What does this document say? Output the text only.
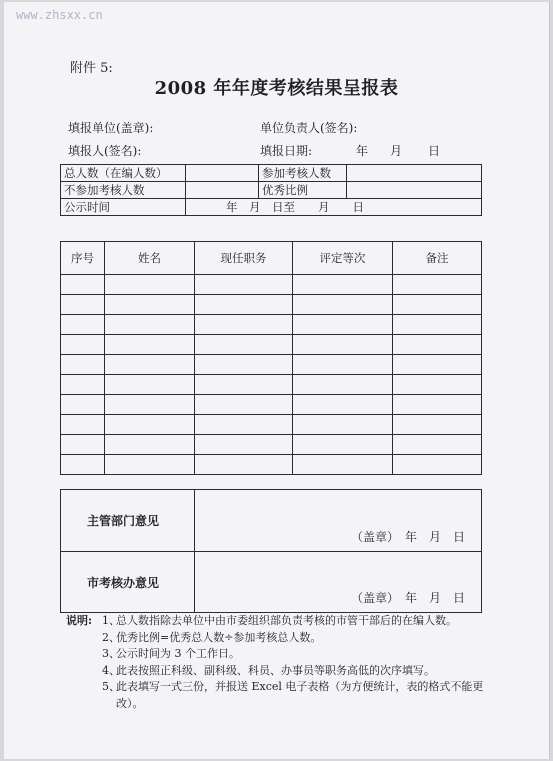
www.zhsxx.cn
附件 5:
2008 年年度考核结果呈报表
填报单位(盖章):	单位负责人(签名):
填报人(签名):	填报日期:	年 月 日
总人数（在编人数）		参加考核人数	
不参加考核人数		优秀比例	
公示时间	年　月　日至　　月　　日		
序号	姓名	现任职务	评定等次	备注

主管部门意见	
（盖章）　年　月　日
市考核办意见	
（盖章）　年　月　日
说明: 1、
总人数指除去单位中由市委组织部负责考核的市管干部后的在编人数。
2、
优秀比例=优秀总人数÷参加考核总人数。
3、
公示时间为 3 个工作日。
4、
此表按照正科级、副科级、科员、办事员等职务高低的次序填写。
5、
此表填写一式三份，并报送 Excel 电子表格（为方便统计，表的格式不能更改）。
